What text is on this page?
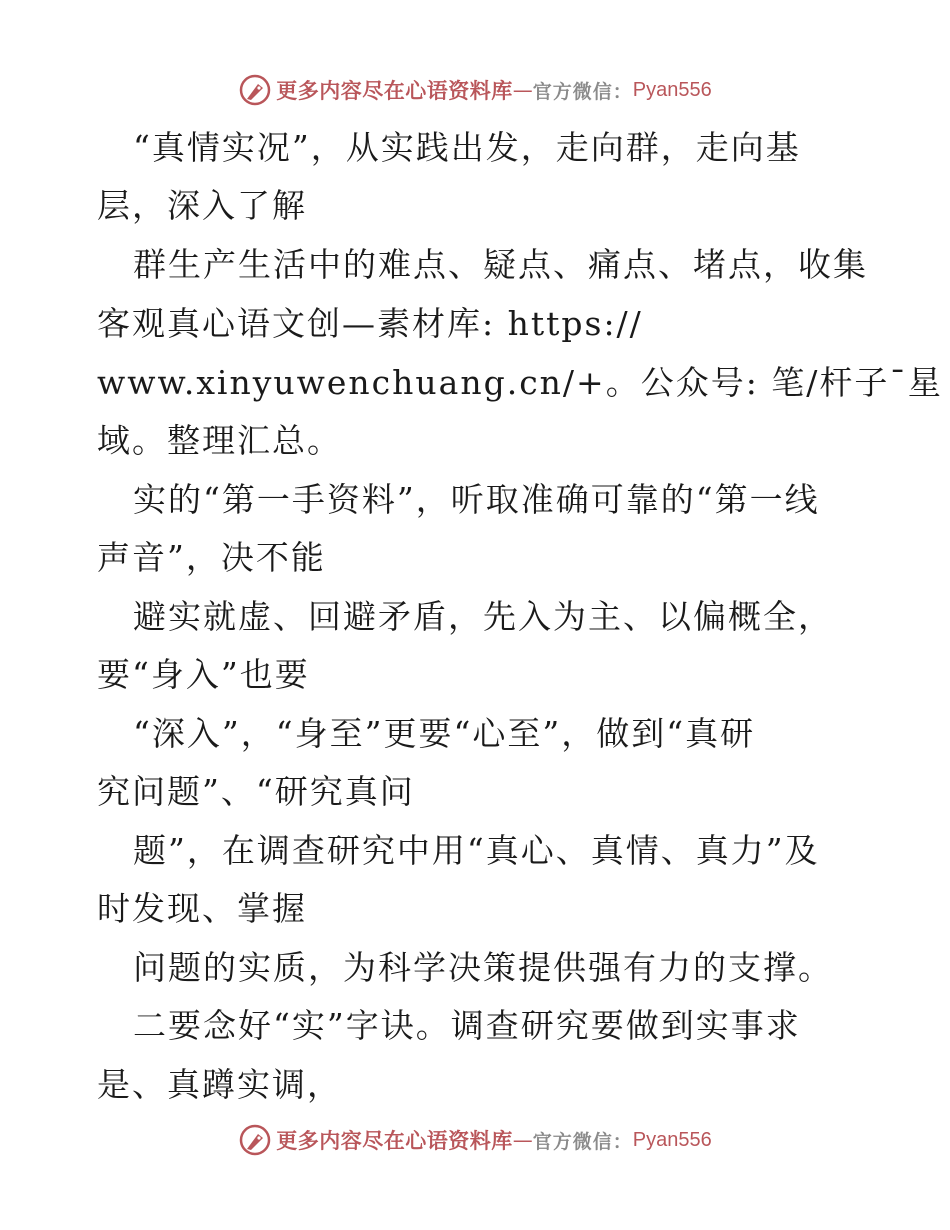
更多内容尽在心语资料库 — 官方微信： Pyan556
“真情实况”，从实践出发，走向群，走向基
层，深入了解
群生产生活中的难点、疑点、痛点、堵点，收集
客观真心语文创—素材库: https://
www.xinyuwenchuang.cn/+。公众号: 笔/杆子¯星
域。整理汇总。
实的“第一手资料”，听取准确可靠的“第一线
声音”，决不能
避实就虚、回避矛盾，先入为主、以偏概全，
要“身入”也要
“深入”，“身至”更要“心至”，做到“真研
究问题”、“研究真问
题”，在调查研究中用“真心、真情、真力”及
时发现、掌握
问题的实质，为科学决策提供强有力的支撑。
二要念好“实”字诀。调查研究要做到实事求
是、真蹲实调，
更多内容尽在心语资料库 — 官方微信： Pyan556
